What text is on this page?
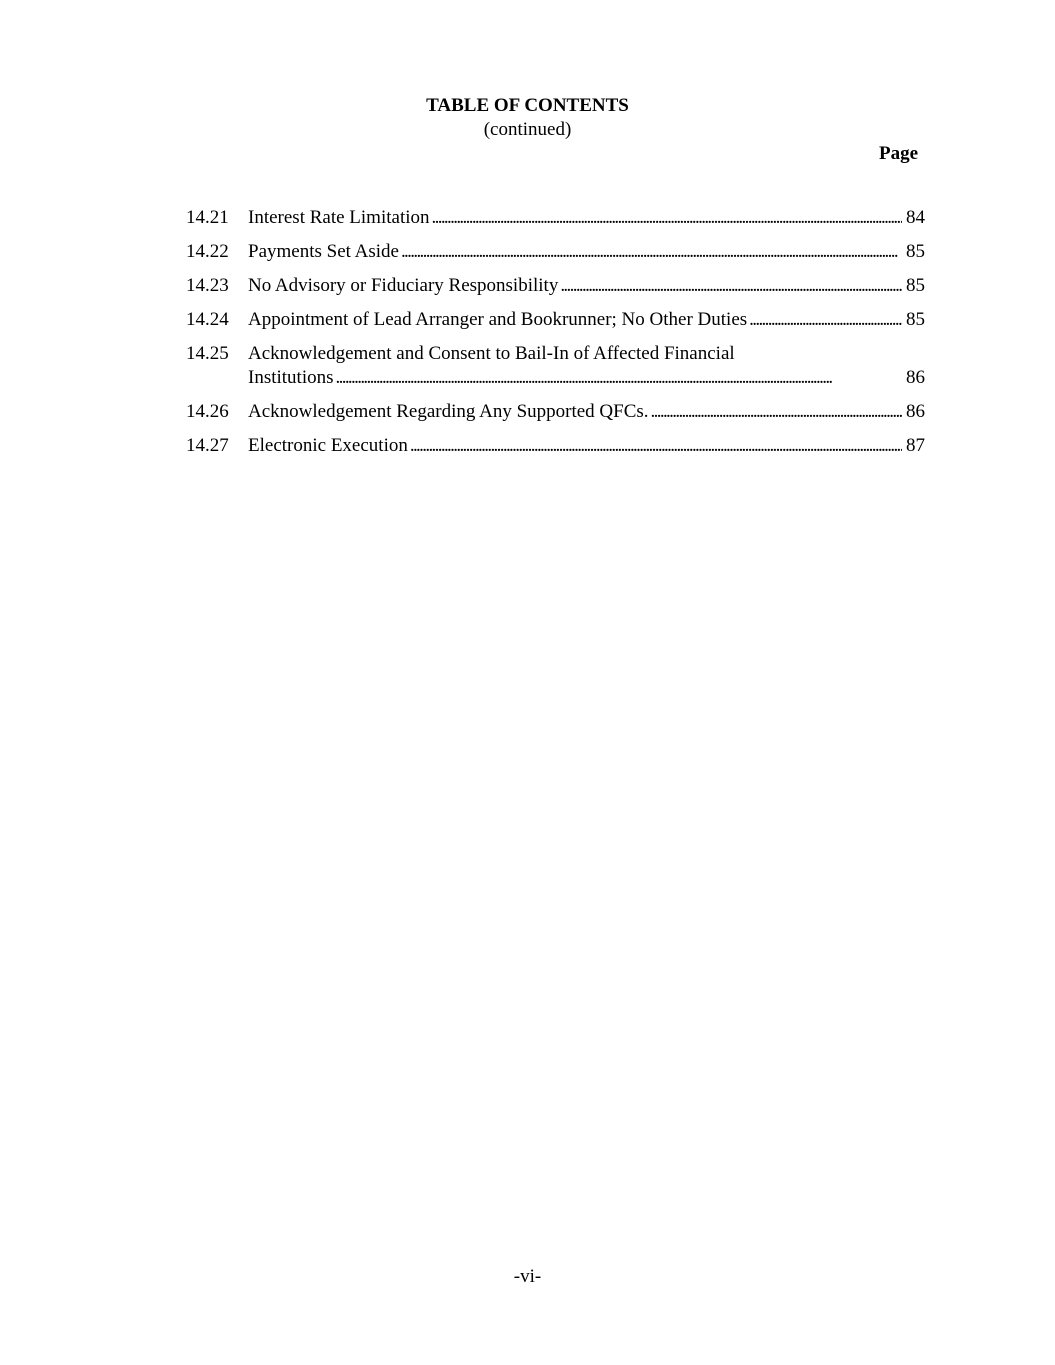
TABLE OF CONTENTS
(continued)
Page
14.21	Interest Rate Limitation . . .	84
14.22	Payments Set Aside . . .	85
14.23	No Advisory or Fiduciary Responsibility . . .	85
14.24	Appointment of Lead Arranger and Bookrunner; No Other Duties . . .	85
14.25	Acknowledgement and Consent to Bail-In of Affected Financial
Institutions . . .	86
14.26	Acknowledgement Regarding Any Supported QFCs. . . .	86
14.27	Electronic Execution . . .	87
-vi-
